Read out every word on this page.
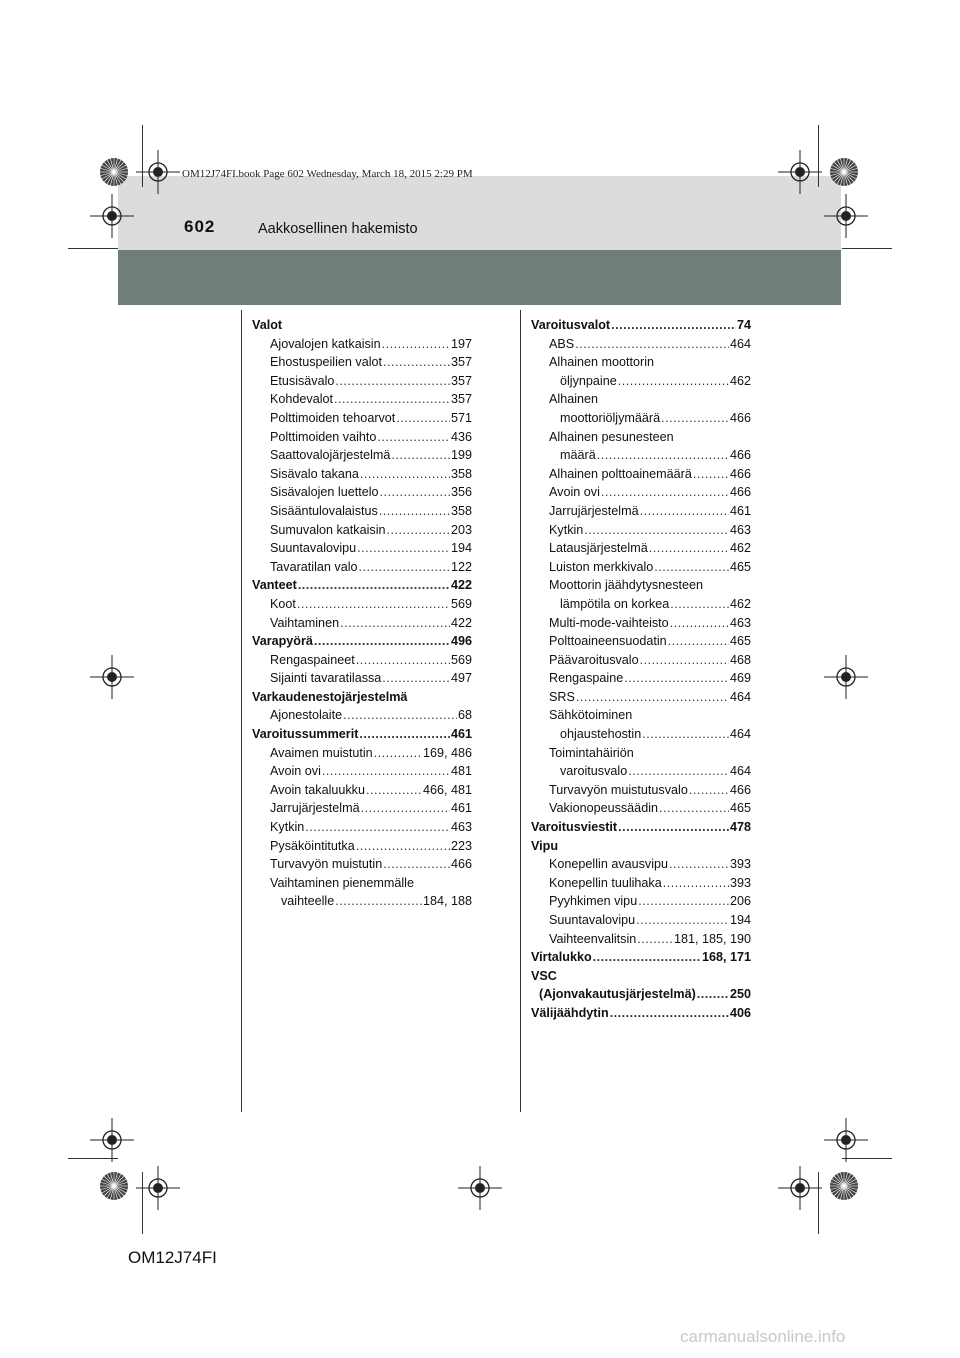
OM12J74FI.book Page 602 Wednesday, March 18, 2015 2:29 PM
602	Aakkosellinen hakemisto
Valot
Ajovalojen katkaisin .....	197
Ehostuspeilien valot .....	357
Etusisävalo .....	357
Kohdevalot .....	357
Polttimoiden tehoarvot .....	571
Polttimoiden vaihto .....	436
Saattovalojärjestelmä .....	199
Sisävalo takana .....	358
Sisävalojen luettelo .....	356
Sisääntulovalaistus .....	358
Sumuvalon katkaisin .....	203
Suuntavalovipu .....	194
Tavaratilan valo .....	122
Vanteet .....	422
Koot .....	569
Vaihtaminen .....	422
Varapyörä .....	496
Rengaspaineet .....	569
Sijainti tavaratilassa .....	497
Varkaudenestojärjestelmä
Ajonestolaite .....	68
Varoitussummerit .....	461
Avaimen muistutin .....	169, 486
Avoin ovi .....	481
Avoin takaluukku .....	466, 481
Jarrujärjestelmä .....	461
Kytkin .....	463
Pysäköintitutka .....	223
Turvavyön muistutin .....	466
Vaihtaminen pienemmälle
vaihteelle .....	184, 188
Varoitusvalot .....	74
ABS .....	464
Alhainen moottorin
öljynpaine .....	462
Alhainen
moottoriöljymäärä .....	466
Alhainen pesunesteen
määrä .....	466
Alhainen polttoainemäärä .....	466
Avoin ovi .....	466
Jarrujärjestelmä .....	461
Kytkin .....	463
Latausjärjestelmä .....	462
Luiston merkkivalo .....	465
Moottorin jäähdytysnesteen
lämpötila on korkea .....	462
Multi-mode-vaihteisto .....	463
Polttoaineensuodatin .....	465
Päävaroitusvalo .....	468
Rengaspaine .....	469
SRS .....	464
Sähkötoiminen
ohjaustehostin .....	464
Toimintahäiriön
varoitusvalo .....	464
Turvavyön muistutusvalo .....	466
Vakionopeussäädin .....	465
Varoitusviestit .....	478
Vipu
Konepellin avausvipu .....	393
Konepellin tuulihaka .....	393
Pyyhkimen vipu .....	206
Suuntavalovipu .....	194
Vaihteenvalitsin .....	181, 185, 190
Virtalukko .....	168, 171
VSC
(Ajonvakautusjärjestelmä) .....	250
Välijäähdytin .....	406
OM12J74FI
carmanualsonline.info
